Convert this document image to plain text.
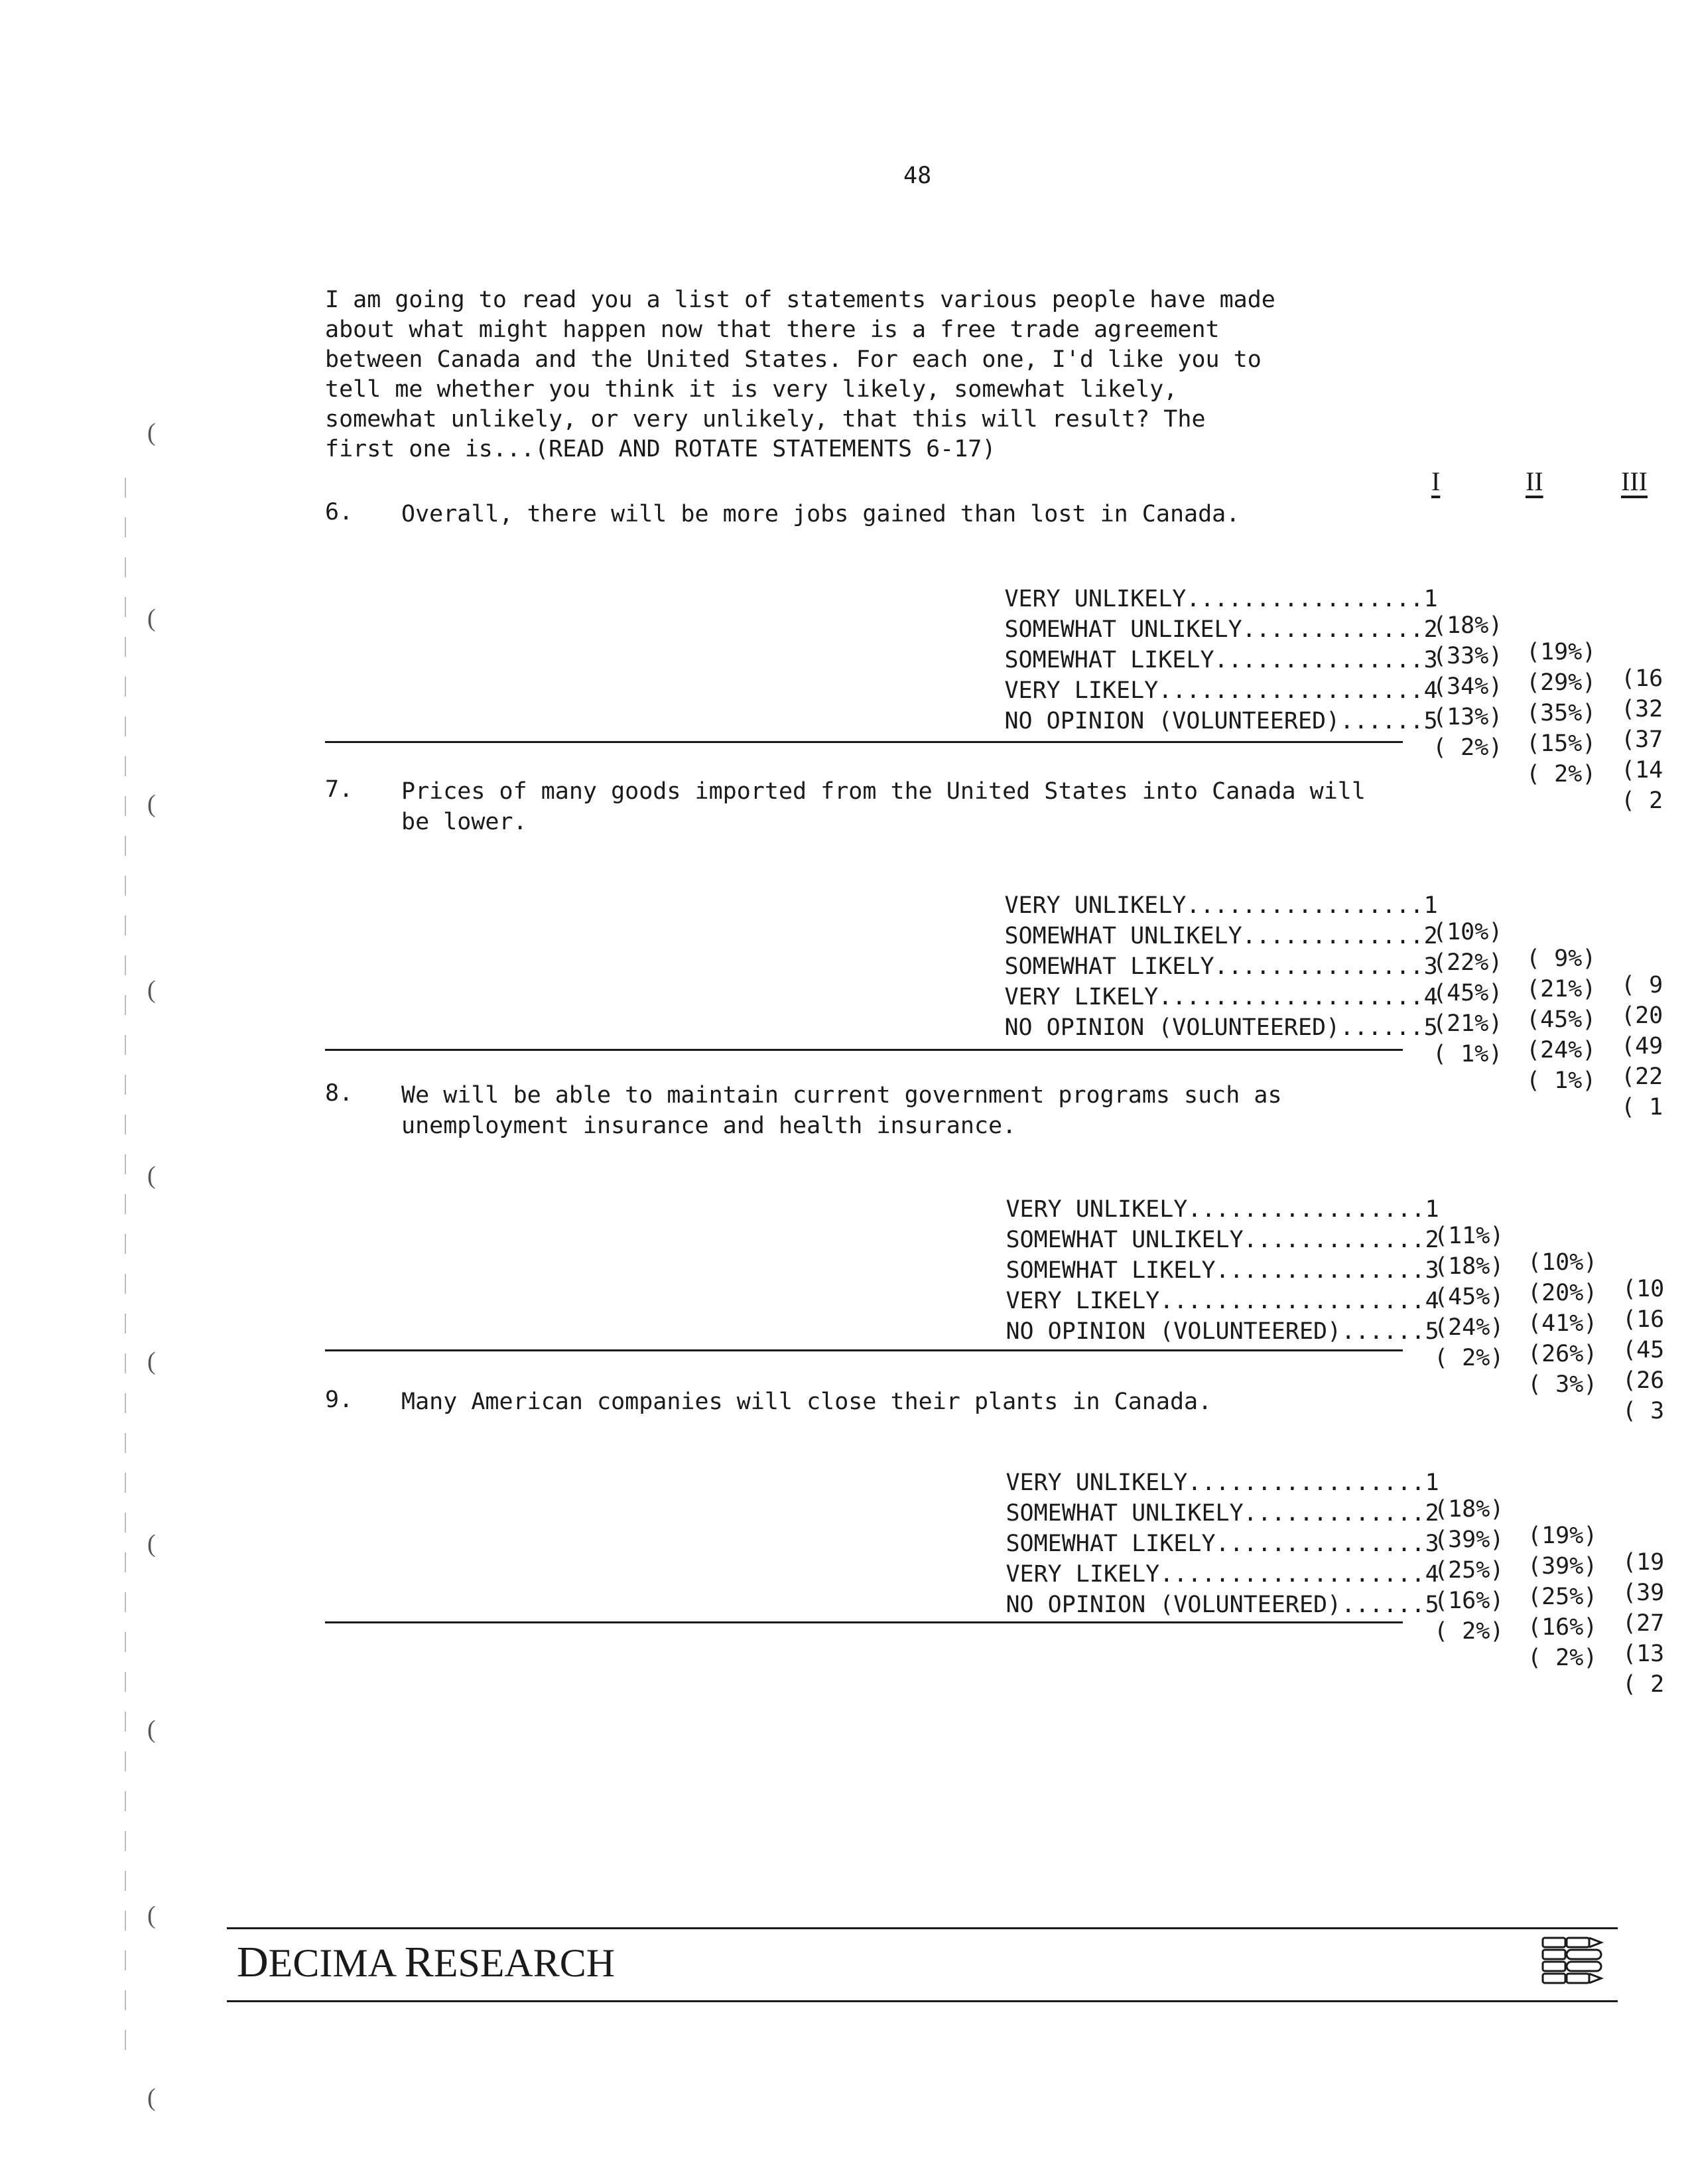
48
I am going to read you a list of statements various people have made
about what might happen now that there is a free trade agreement
between Canada and the United States. For each one, I'd like you to
tell me whether you think it is very likely, somewhat likely,
somewhat unlikely, or very unlikely, that this will result? The
first one is...(READ AND ROTATE STATEMENTS 6-17)
I	II	III
6. Overall, there will be more jobs gained than lost in Canada.

VERY UNLIKELY.................1

(18%)

(19%)

(16

SOMEWHAT UNLIKELY.............2

(33%)

(29%)

(32

SOMEWHAT LIKELY...............3

(34%)

(35%)

(37

VERY LIKELY...................4

(13%)

(15%)

(14

NO OPINION (VOLUNTEERED)......5

( 2%)

( 2%)

( 2

7. Prices of many goods imported from the United States into Canada will be lower.

VERY UNLIKELY.................1

(10%)

( 9%)

( 9

SOMEWHAT UNLIKELY.............2

(22%)

(21%)

(20

SOMEWHAT LIKELY...............3

(45%)

(45%)

(49

VERY LIKELY...................4

(21%)

(24%)

(22

NO OPINION (VOLUNTEERED)......5

( 1%)

( 1%)

( 1

8. We will be able to maintain current government programs such as unemployment insurance and health insurance.

VERY UNLIKELY.................1

(11%)

(10%)

(10

SOMEWHAT UNLIKELY.............2

(18%)

(20%)

(16

SOMEWHAT LIKELY...............3

(45%)

(41%)

(45

VERY LIKELY...................4

(24%)

(26%)

(26

NO OPINION (VOLUNTEERED)......5

( 2%)

( 3%)

( 3

9. Many American companies will close their plants in Canada.

VERY UNLIKELY.................1

(18%)

(19%)

(19

SOMEWHAT UNLIKELY.............2

(39%)

(39%)

(39

SOMEWHAT LIKELY...............3

(25%)

(25%)

(27

VERY LIKELY...................4

(16%)

(16%)

(13

NO OPINION (VOLUNTEERED)......5

( 2%)

( 2%)

( 2

DECIMA RESEARCH
(
(
(
(
(
(
(
(
(
(
